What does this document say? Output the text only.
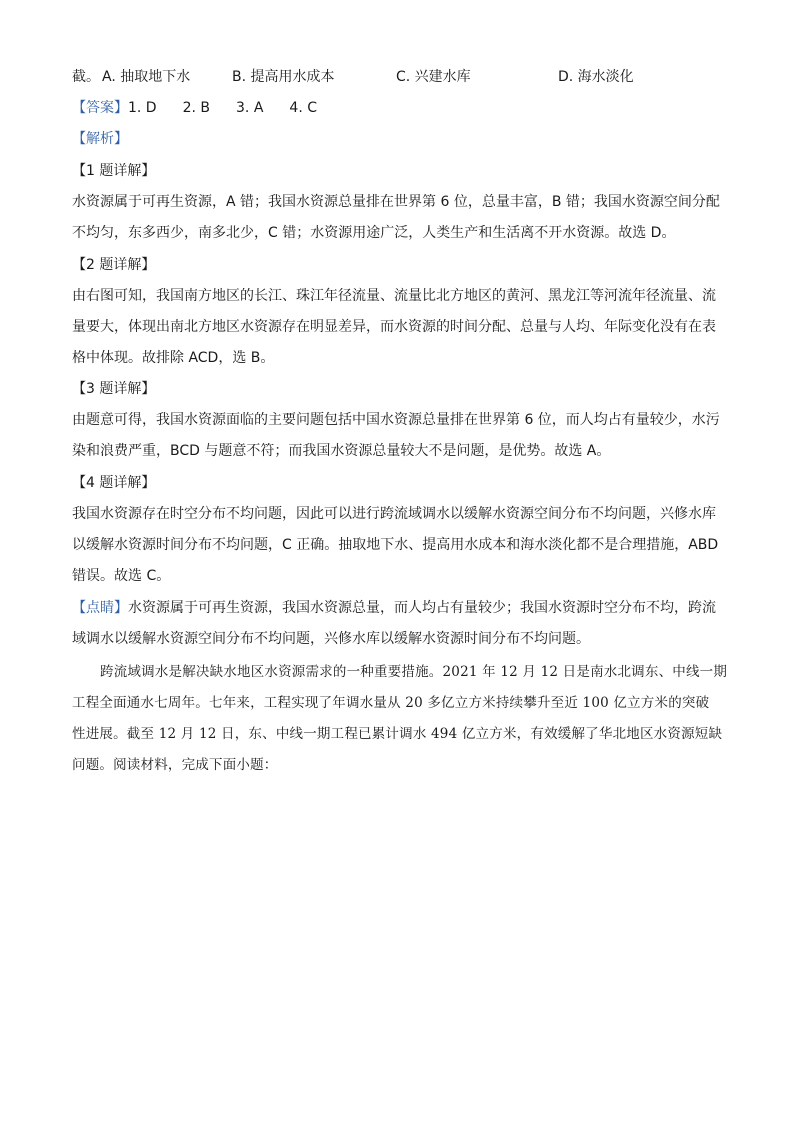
截。 A. 抽取地下水	B. 提高用水成本	C. 兴建水库	D. 海水淡化
【答案】1. D 2. B 3. A 4. C
【解析】
【1 题详解】
水资源属于可再生资源，A 错；我国水资源总量排在世界第 6 位，总量丰富，B 错；我国水资源空间分配
不均匀，东多西少，南多北少，C 错；水资源用途广泛，人类生产和生活离不开水资源。故选 D。
【2 题详解】
由右图可知，我国南方地区的长江、珠江年径流量、流量比北方地区的黄河、黑龙江等河流年径流量、流
量要大，体现出南北方地区水资源存在明显差异，而水资源的时间分配、总量与人均、年际变化没有在表
格中体现。故排除 ACD，选 B。
【3 题详解】
由题意可得，我国水资源面临的主要问题包括中国水资源总量排在世界第 6 位，而人均占有量较少，水污
染和浪费严重，BCD 与题意不符；而我国水资源总量较大不是问题，是优势。故选 A。
【4 题详解】
我国水资源存在时空分布不均问题，因此可以进行跨流域调水以缓解水资源空间分布不均问题，兴修水库
以缓解水资源时间分布不均问题，C 正确。抽取地下水、提高用水成本和海水淡化都不是合理措施，ABD
错误。故选 C。
【点睛】水资源属于可再生资源，我国水资源总量，而人均占有量较少；我国水资源时空分布不均，跨流
域调水以缓解水资源空间分布不均问题，兴修水库以缓解水资源时间分布不均问题。
跨流域调水是解决缺水地区水资源需求的一种重要措施。2021 年 12 月 12 日是南水北调东、中线一期
工程全面通水七周年。七年来，工程实现了年调水量从 20 多亿立方米持续攀升至近 100 亿立方米的突破
性进展。截至 12 月 12 日，东、中线一期工程已累计调水 494 亿立方米，有效缓解了华北地区水资源短缺
问题。阅读材料，完成下面小题：
